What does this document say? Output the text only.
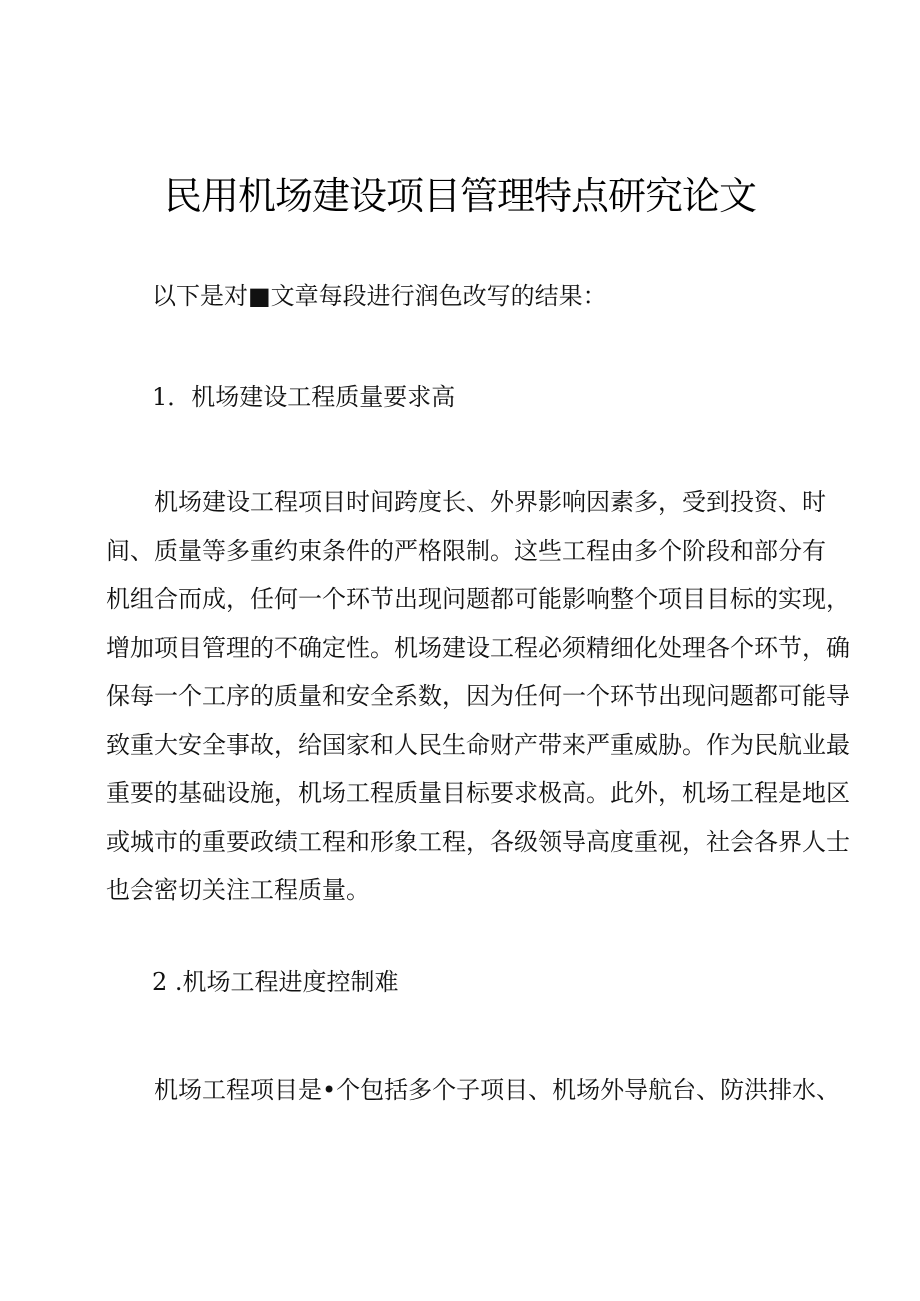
民用机场建设项目管理特点研究论文
以下是对■文章每段进行润色改写的结果：
1．机场建设工程质量要求高
　　机场建设工程项目时间跨度长、外界影响因素多，受到投资、时
间、质量等多重约束条件的严格限制。这些工程由多个阶段和部分有
机组合而成，任何一个环节出现问题都可能影响整个项目目标的实现，
增加项目管理的不确定性。机场建设工程必须精细化处理各个环节，确
保每一个工序的质量和安全系数，因为任何一个环节出现问题都可能导
致重大安全事故，给国家和人民生命财产带来严重威胁。作为民航业最
重要的基础设施，机场工程质量目标要求极高。此外，机场工程是地区
或城市的重要政绩工程和形象工程，各级领导高度重视，社会各界人士
也会密切关注工程质量。
2 .机场工程进度控制难
　　机场工程项目是•个包括多个子项目、机场外导航台、防洪排水、
